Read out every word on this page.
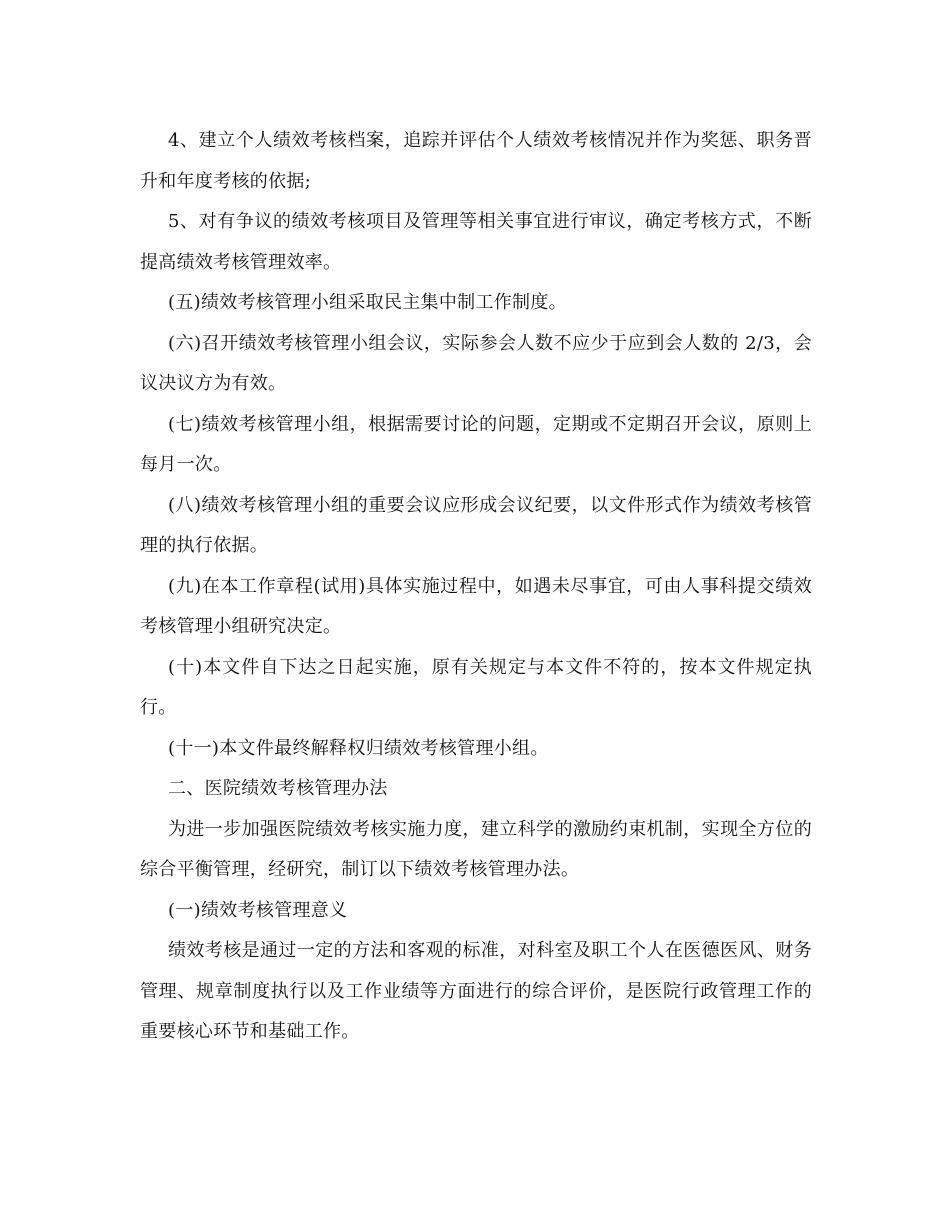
4、建立个人绩效考核档案，追踪并评估个人绩效考核情况并作为奖惩、职务晋升和年度考核的依据;

5、对有争议的绩效考核项目及管理等相关事宜进行审议，确定考核方式，不断提高绩效考核管理效率。

(五)绩效考核管理小组采取民主集中制工作制度。

(六)召开绩效考核管理小组会议，实际参会人数不应少于应到会人数的 2/3，会议决议方为有效。

(七)绩效考核管理小组，根据需要讨论的问题，定期或不定期召开会议，原则上每月一次。

(八)绩效考核管理小组的重要会议应形成会议纪要，以文件形式作为绩效考核管理的执行依据。

(九)在本工作章程(试用)具体实施过程中，如遇未尽事宜，可由人事科提交绩效考核管理小组研究决定。

(十)本文件自下达之日起实施，原有关规定与本文件不符的，按本文件规定执行。

(十一)本文件最终解释权归绩效考核管理小组。

二、医院绩效考核管理办法

为进一步加强医院绩效考核实施力度，建立科学的激励约束机制，实现全方位的综合平衡管理，经研究，制订以下绩效考核管理办法。

(一)绩效考核管理意义

绩效考核是通过一定的方法和客观的标准，对科室及职工个人在医德医风、财务管理、规章制度执行以及工作业绩等方面进行的综合评价，是医院行政管理工作的重要核心环节和基础工作。
